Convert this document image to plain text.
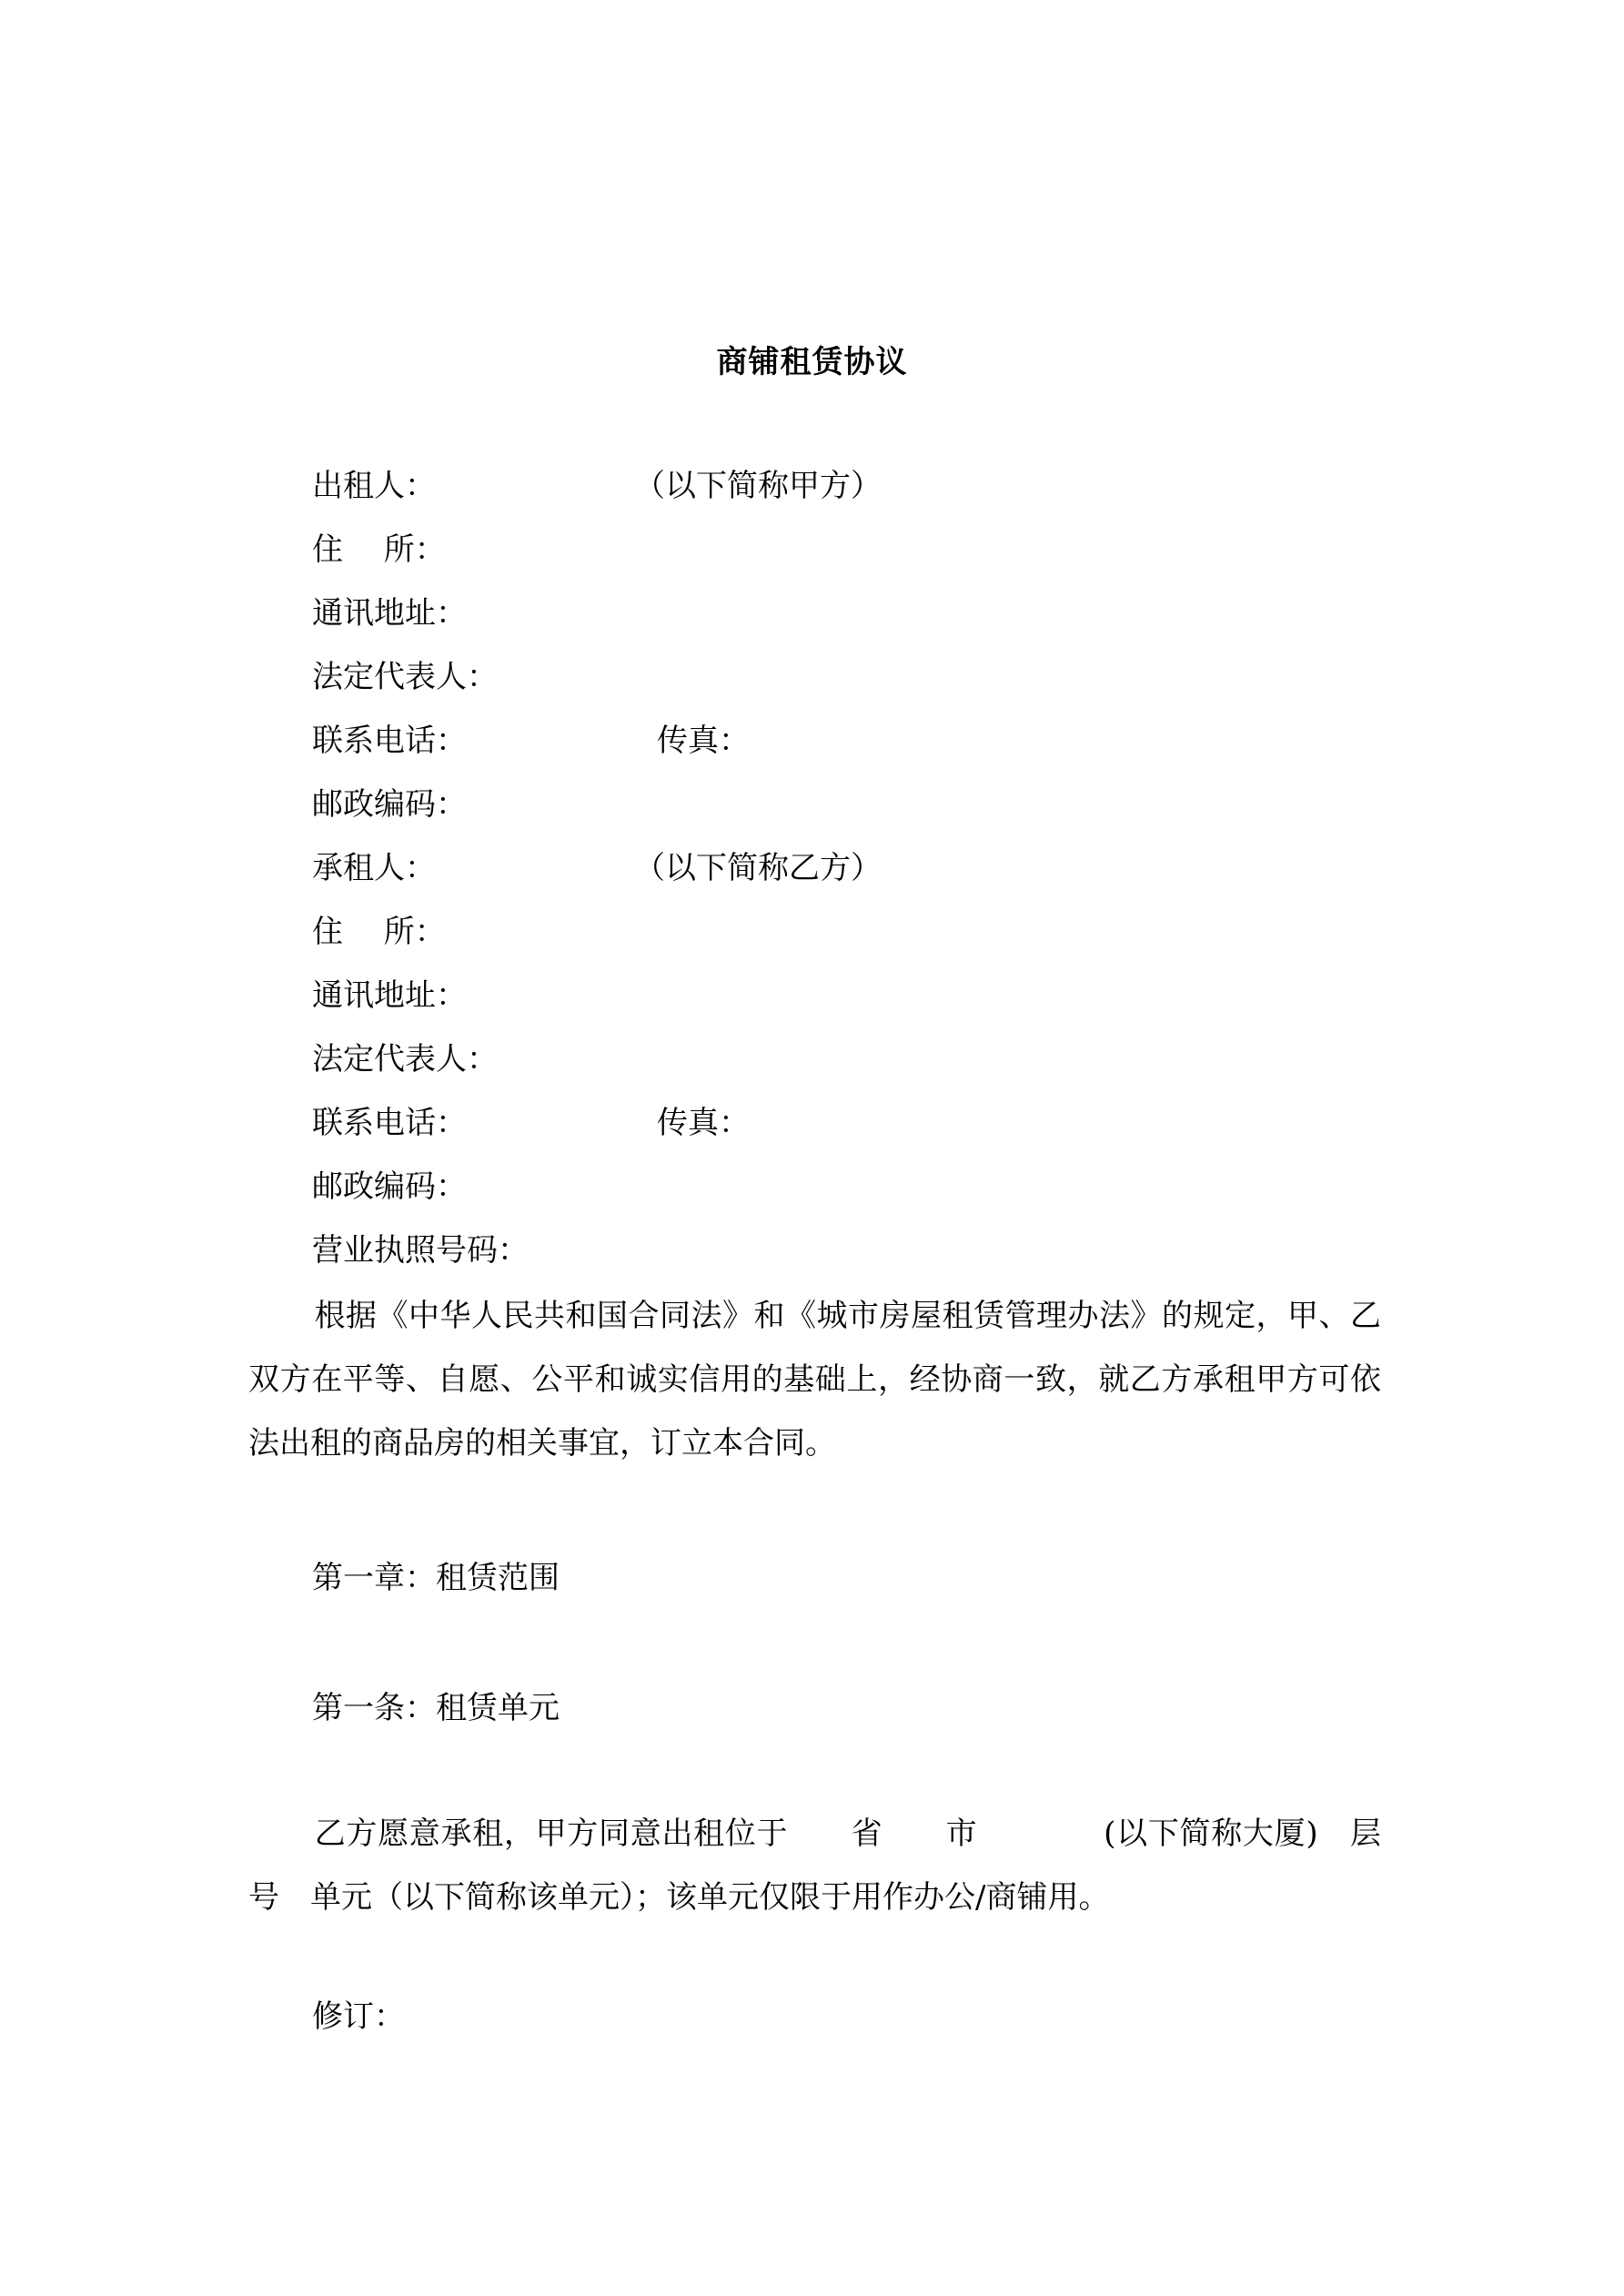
商铺租赁协议
出租人：	（以下简称甲方）
住　 所：
通讯地址：
法定代表人：
联系电话：	传真：
邮政编码：
承租人：	（以下简称乙方）
住　 所：
通讯地址：
法定代表人：
联系电话：	传真：
邮政编码：
营业执照号码：
根据《中华人民共和国合同法》和《城市房屋租赁管理办法》的规定，甲、乙双方在平等、自愿、公平和诚实信用的基础上，经协商一致，就乙方承租甲方可依法出租的商品房的相关事宜，订立本合同。
第一章：租赁范围
第一条：租赁单元
乙方愿意承租，甲方同意出租位于　　省　　市　　　　(以下简称大厦)　层　号　单元（以下简称该单元）；该单元仅限于用作办公/商铺用。
修订：
